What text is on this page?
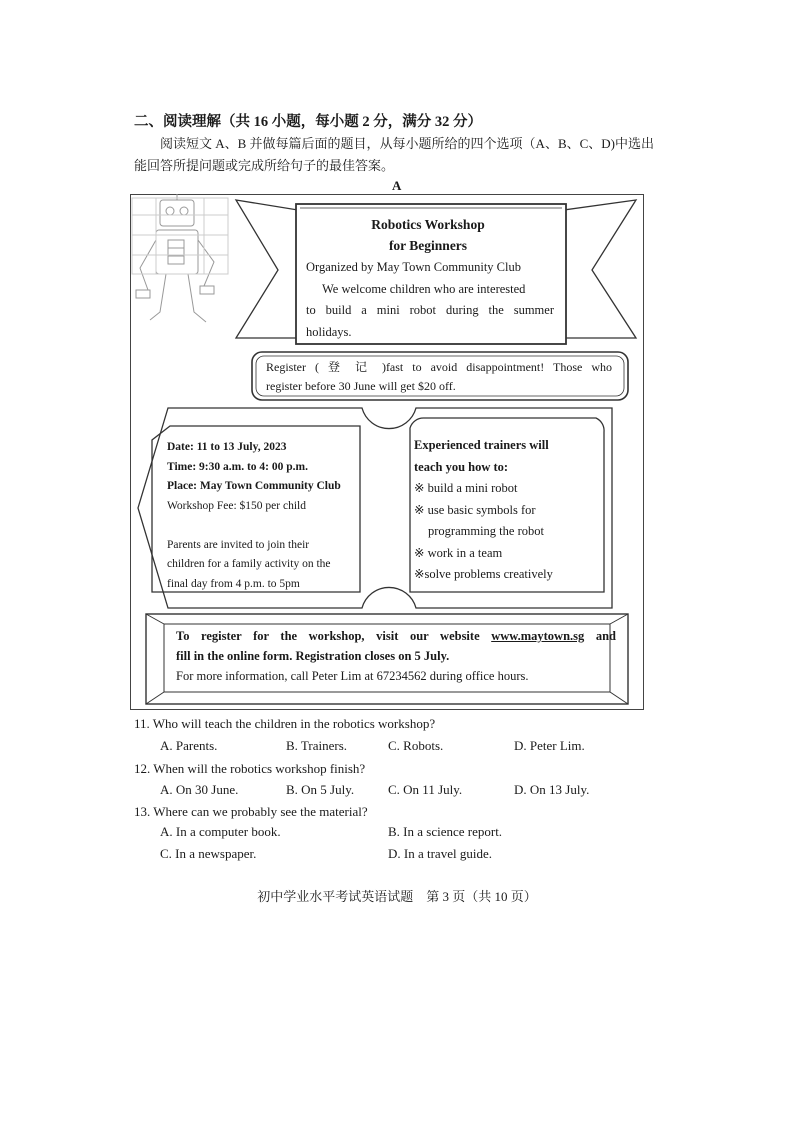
二、阅读理解（共 16 小题，每小题 2 分，满分 32 分）
阅读短文 A、B 并做每篇后面的题目，从每小题所给的四个选项（A、B、C、D)中选出能回答所提问题或完成所给句子的最佳答案。
A
Robotics Workshop
for Beginners
Organized by May Town Community Club
We welcome children who are interested
to build a mini robot during the summer
holidays.
Register ( 登 记 )fast to avoid disappointment! Those who
register before 30 June will get $20 off.
Date: 11 to 13 July, 2023
Time: 9:30 a.m. to 4: 00 p.m.
Place: May Town Community Club
Workshop Fee: $150 per child
Parents are invited to join their
children for a family activity on the
final day from 4 p.m. to 5pm
Experienced trainers will
teach you how to:
※ build a mini robot
※ use basic symbols for
programming the robot
※ work in a team
※solve problems creatively
To register for the workshop, visit our website www.maytown.sg and
fill in the online form. Registration closes on 5 July.
For more information, call Peter Lim at 67234562 during office hours.
11. Who will teach the children in the robotics workshop?
A. Parents.	B. Trainers.	C. Robots.	D. Peter Lim.
12. When will the robotics workshop finish?
A. On 30 June.	B. On 5 July.	C. On 11 July.	D. On 13 July.
13. Where can we probably see the material?
A. In a computer book.	B. In a science report.
C. In a newspaper.	D. In a travel guide.
初中学业水平考试英语试题　第 3 页（共 10 页）
